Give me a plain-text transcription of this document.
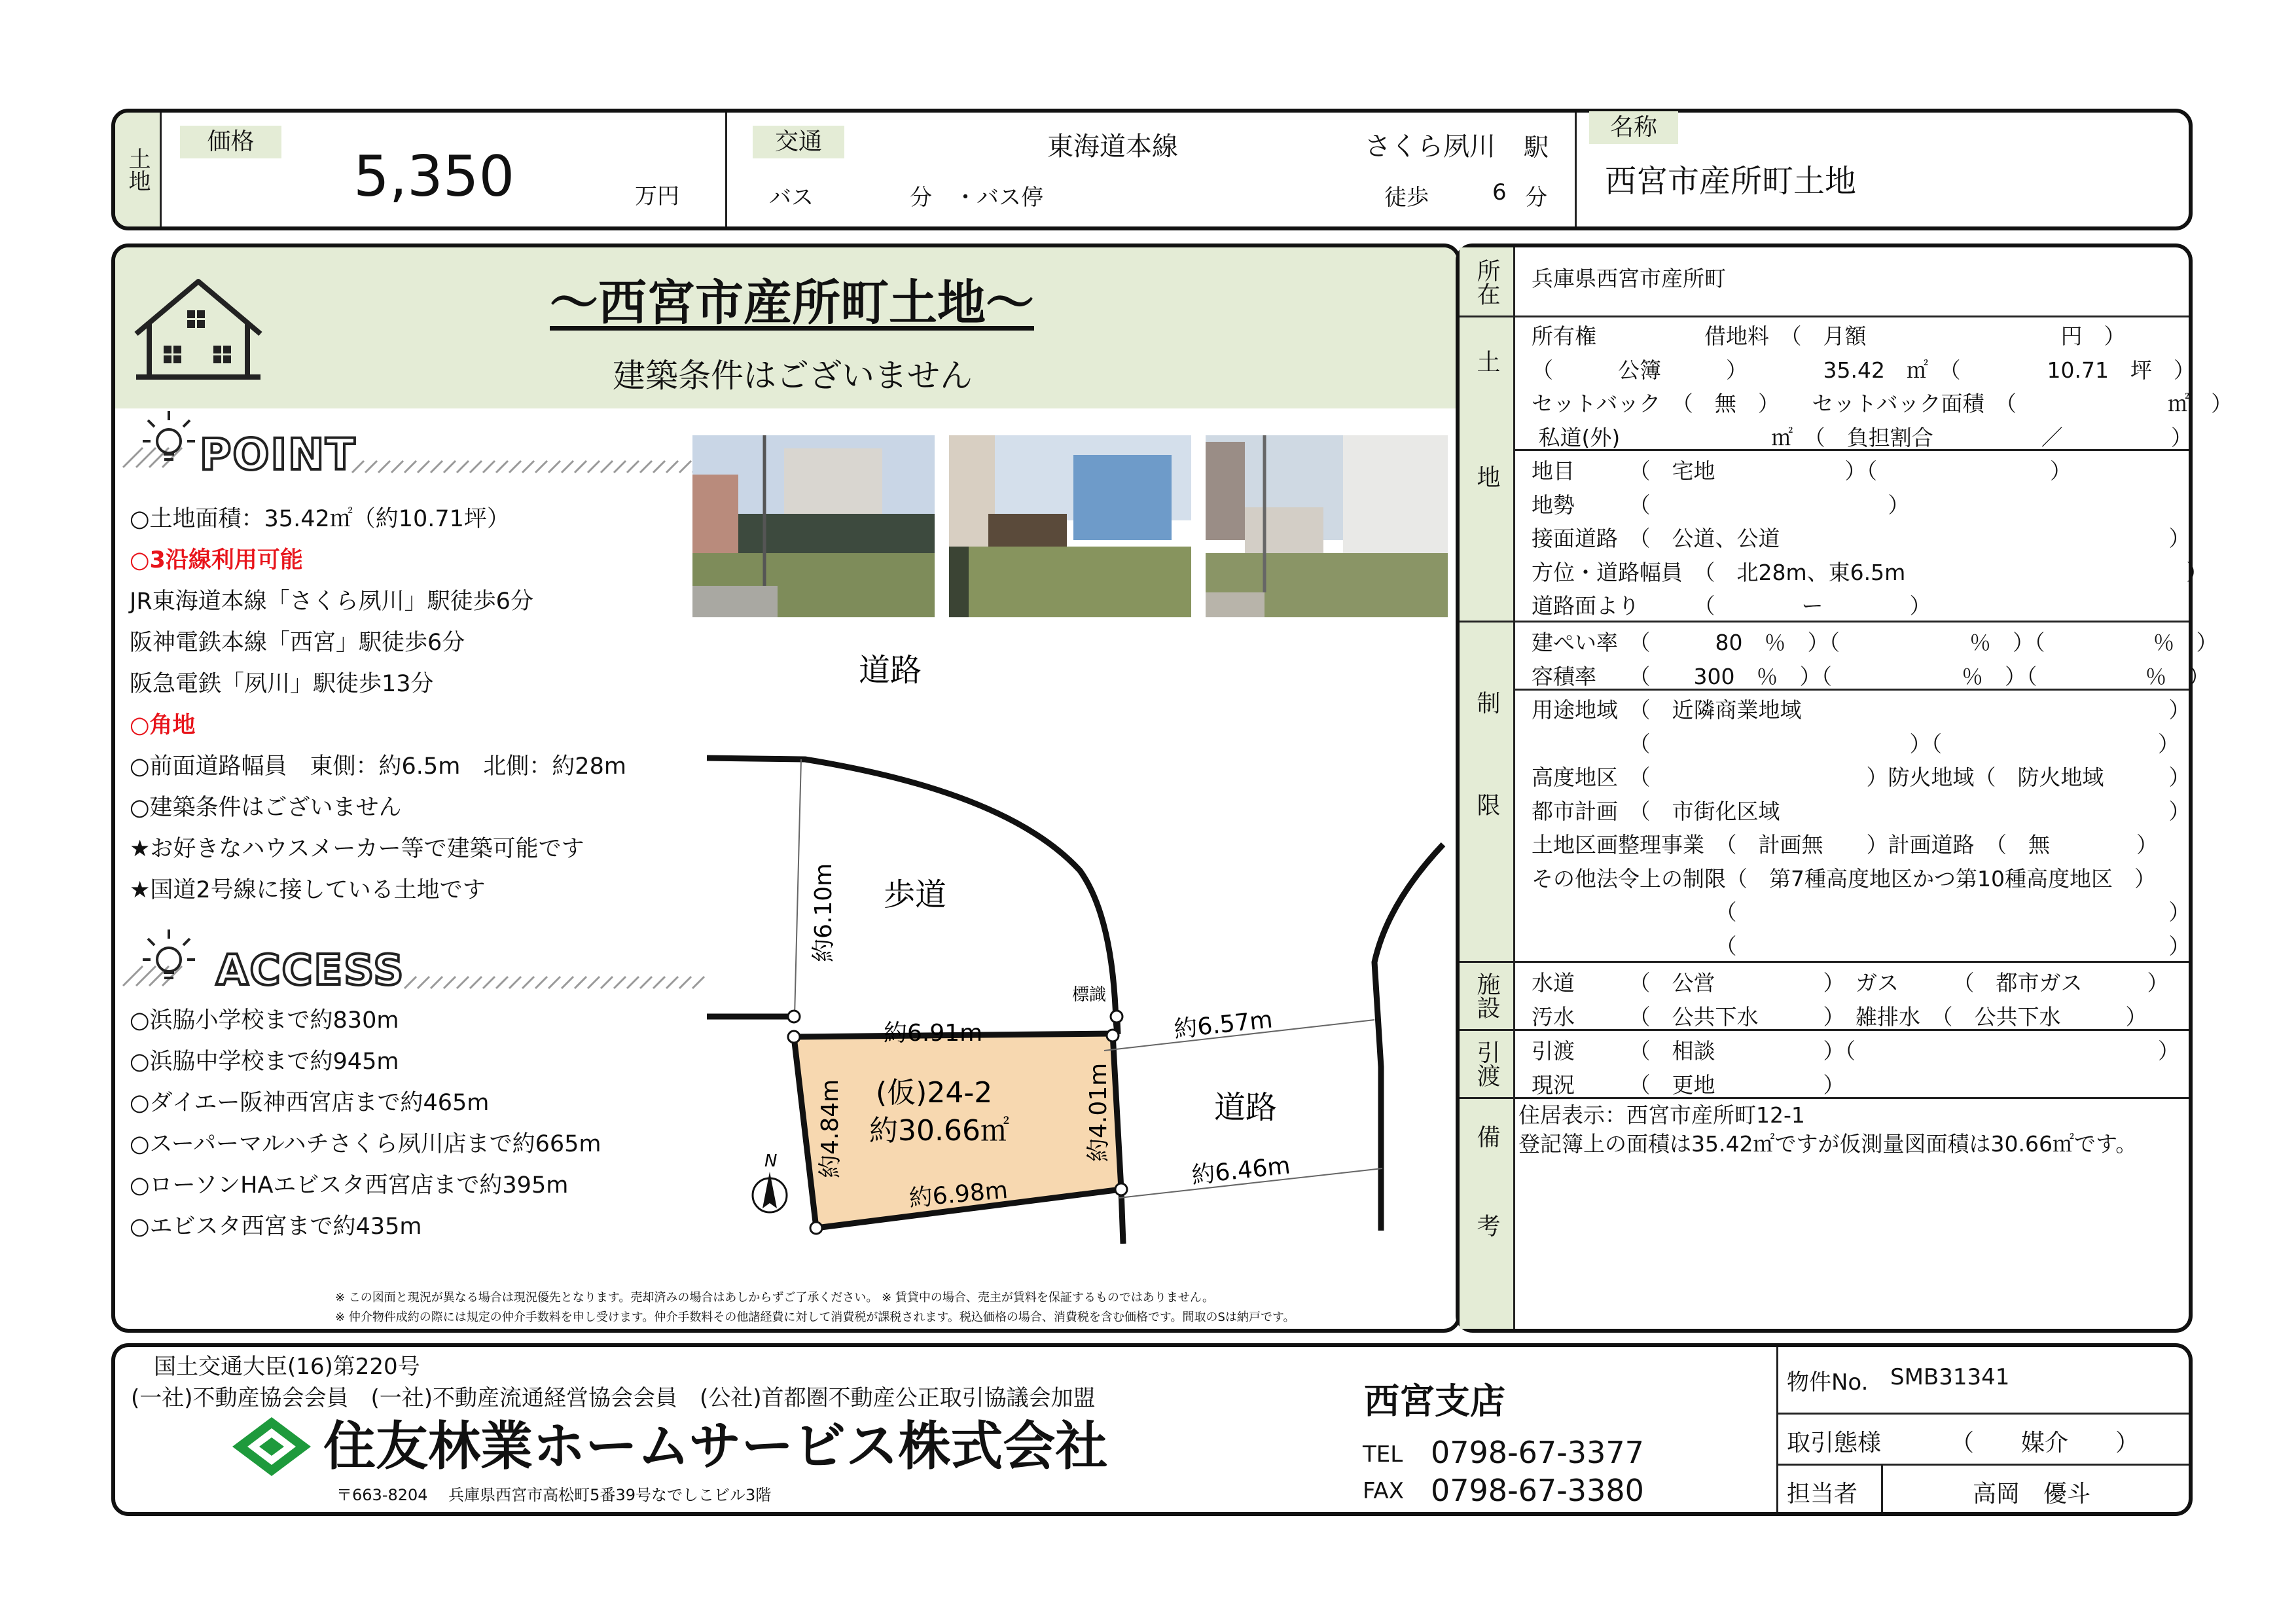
土地
価格
5,350	万円
交通	東海道本線	さくら夙川 駅
バス	分 ・バス停	徒歩	6 分
名称
西宮市産所町土地
～西宮市産所町土地～
建築条件はございません
POINT
○土地面積：35.42㎡（約10.71坪）
○3沿線利用可能
JR東海道本線「さくら夙川」駅徒歩6分
阪神電鉄本線「西宮」駅徒歩6分
阪急電鉄「夙川」駅徒歩13分
○角地
○前面道路幅員　東側：約6.5m　北側：約28m
○建築条件はございません
★お好きなハウスメーカー等で建築可能です
★国道2号線に接している土地です
ACCESS
○浜脇小学校まで約830m
○浜脇中学校まで約945m
○ダイエー阪神西宮店まで約465m
○スーパーマルハチさくら夙川店まで約665m
○ローソンHAエビスタ西宮店まで約395m
○エビスタ西宮まで約435m
N
道路
歩道
道路
約6.10m
標識
約6.91m	約6.57m
約4.84m	約4.01m
(仮)24-2
約30.66㎡
約6.98m
約6.46m
※ この図面と現況が異なる場合は現況優先となります。売却済みの場合はあしからずご了承ください。 ※ 賃貸中の場合、売主が賃料を保証するものではありません。
※ 仲介物件成約の際には規定の仲介手数料を申し受けます。仲介手数料その他諸経費に対して消費税が課税されます。税込価格の場合、消費税を含む価格です。間取のSは納戸です。
所在 兵庫県西宮市産所町
土地
所有権　　　　　借地料　（　月額　　　　　　　　　円　）
（　　　公簿　　　）　　　　35.42　㎡　（　　　　10.71　坪　）
セットバック　（　無　）　　セットバック面積　（　　　　　　　㎡　）
私道(外)　　　　　　　㎡　（　負担割合　　　　　／　　　　　）
地目　　　（　宅地　　　　　　）（　　　　　　　　）
地勢　　　（　　　　　　　　　　　）
接面道路　（　公道、公道　　　　　　　　　　　　　　　　　　）
方位・道路幅員　（　北28m、東6.5m　　　　　　　　　　　　　）
道路面より　　　（　　　　ー　　　　）
制限
建ぺい率　（　　　80　％　）（　　　　　　％　）（　　　　　％　）
容積率　　（　　300　％　）（　　　　　　％　）（　　　　　％　）
用途地域　（　近隣商業地域　　　　　　　　　　　　　　　　　）
　　　　　（　　　　　　　　　　　　）（　　　　　　　　　　）
高度地区　（　　　　　　　　　　）防火地域（　防火地域　　　）
都市計画　（　市街化区域　　　　　　　　　　　　　　　　　　）
土地区画整理事業　（　計画無　　）計画道路　（　無　　　　）
その他法令上の制限（　第7種高度地区かつ第10種高度地区　）
　　　　　　　　　（　　　　　　　　　　　　　　　　　　　　）
　　　　　　　　　（　　　　　　　　　　　　　　　　　　　　）
施設 水道　　　（　公営　　　　　）　ガス　　　（　都市ガス　　　）
汚水　　　（　公共下水　　　）　雑排水　（　公共下水　　　）
引渡 引渡　　　（　相談　　　　　）（　　　　　　　　　　　　　　）
現況　　　（　更地　　　　　）
備考
住居表示：西宮市産所町12-1
登記簿上の面積は35.42㎡ですが仮測量図面積は30.66㎡です。
国土交通大臣(16)第220号
(一社)不動産協会会員　(一社)不動産流通経営協会会員　(公社)首都圏不動産公正取引協議会加盟
住友林業ホームサービス株式会社
〒663-8204　 兵庫県西宮市高松町5番39号なでしこビル3階
西宮支店
TEL 0798-67-3377
FAX 0798-67-3380
物件No. SMB31341
取引態様	（　　媒介　　）
担当者	高岡　優斗
